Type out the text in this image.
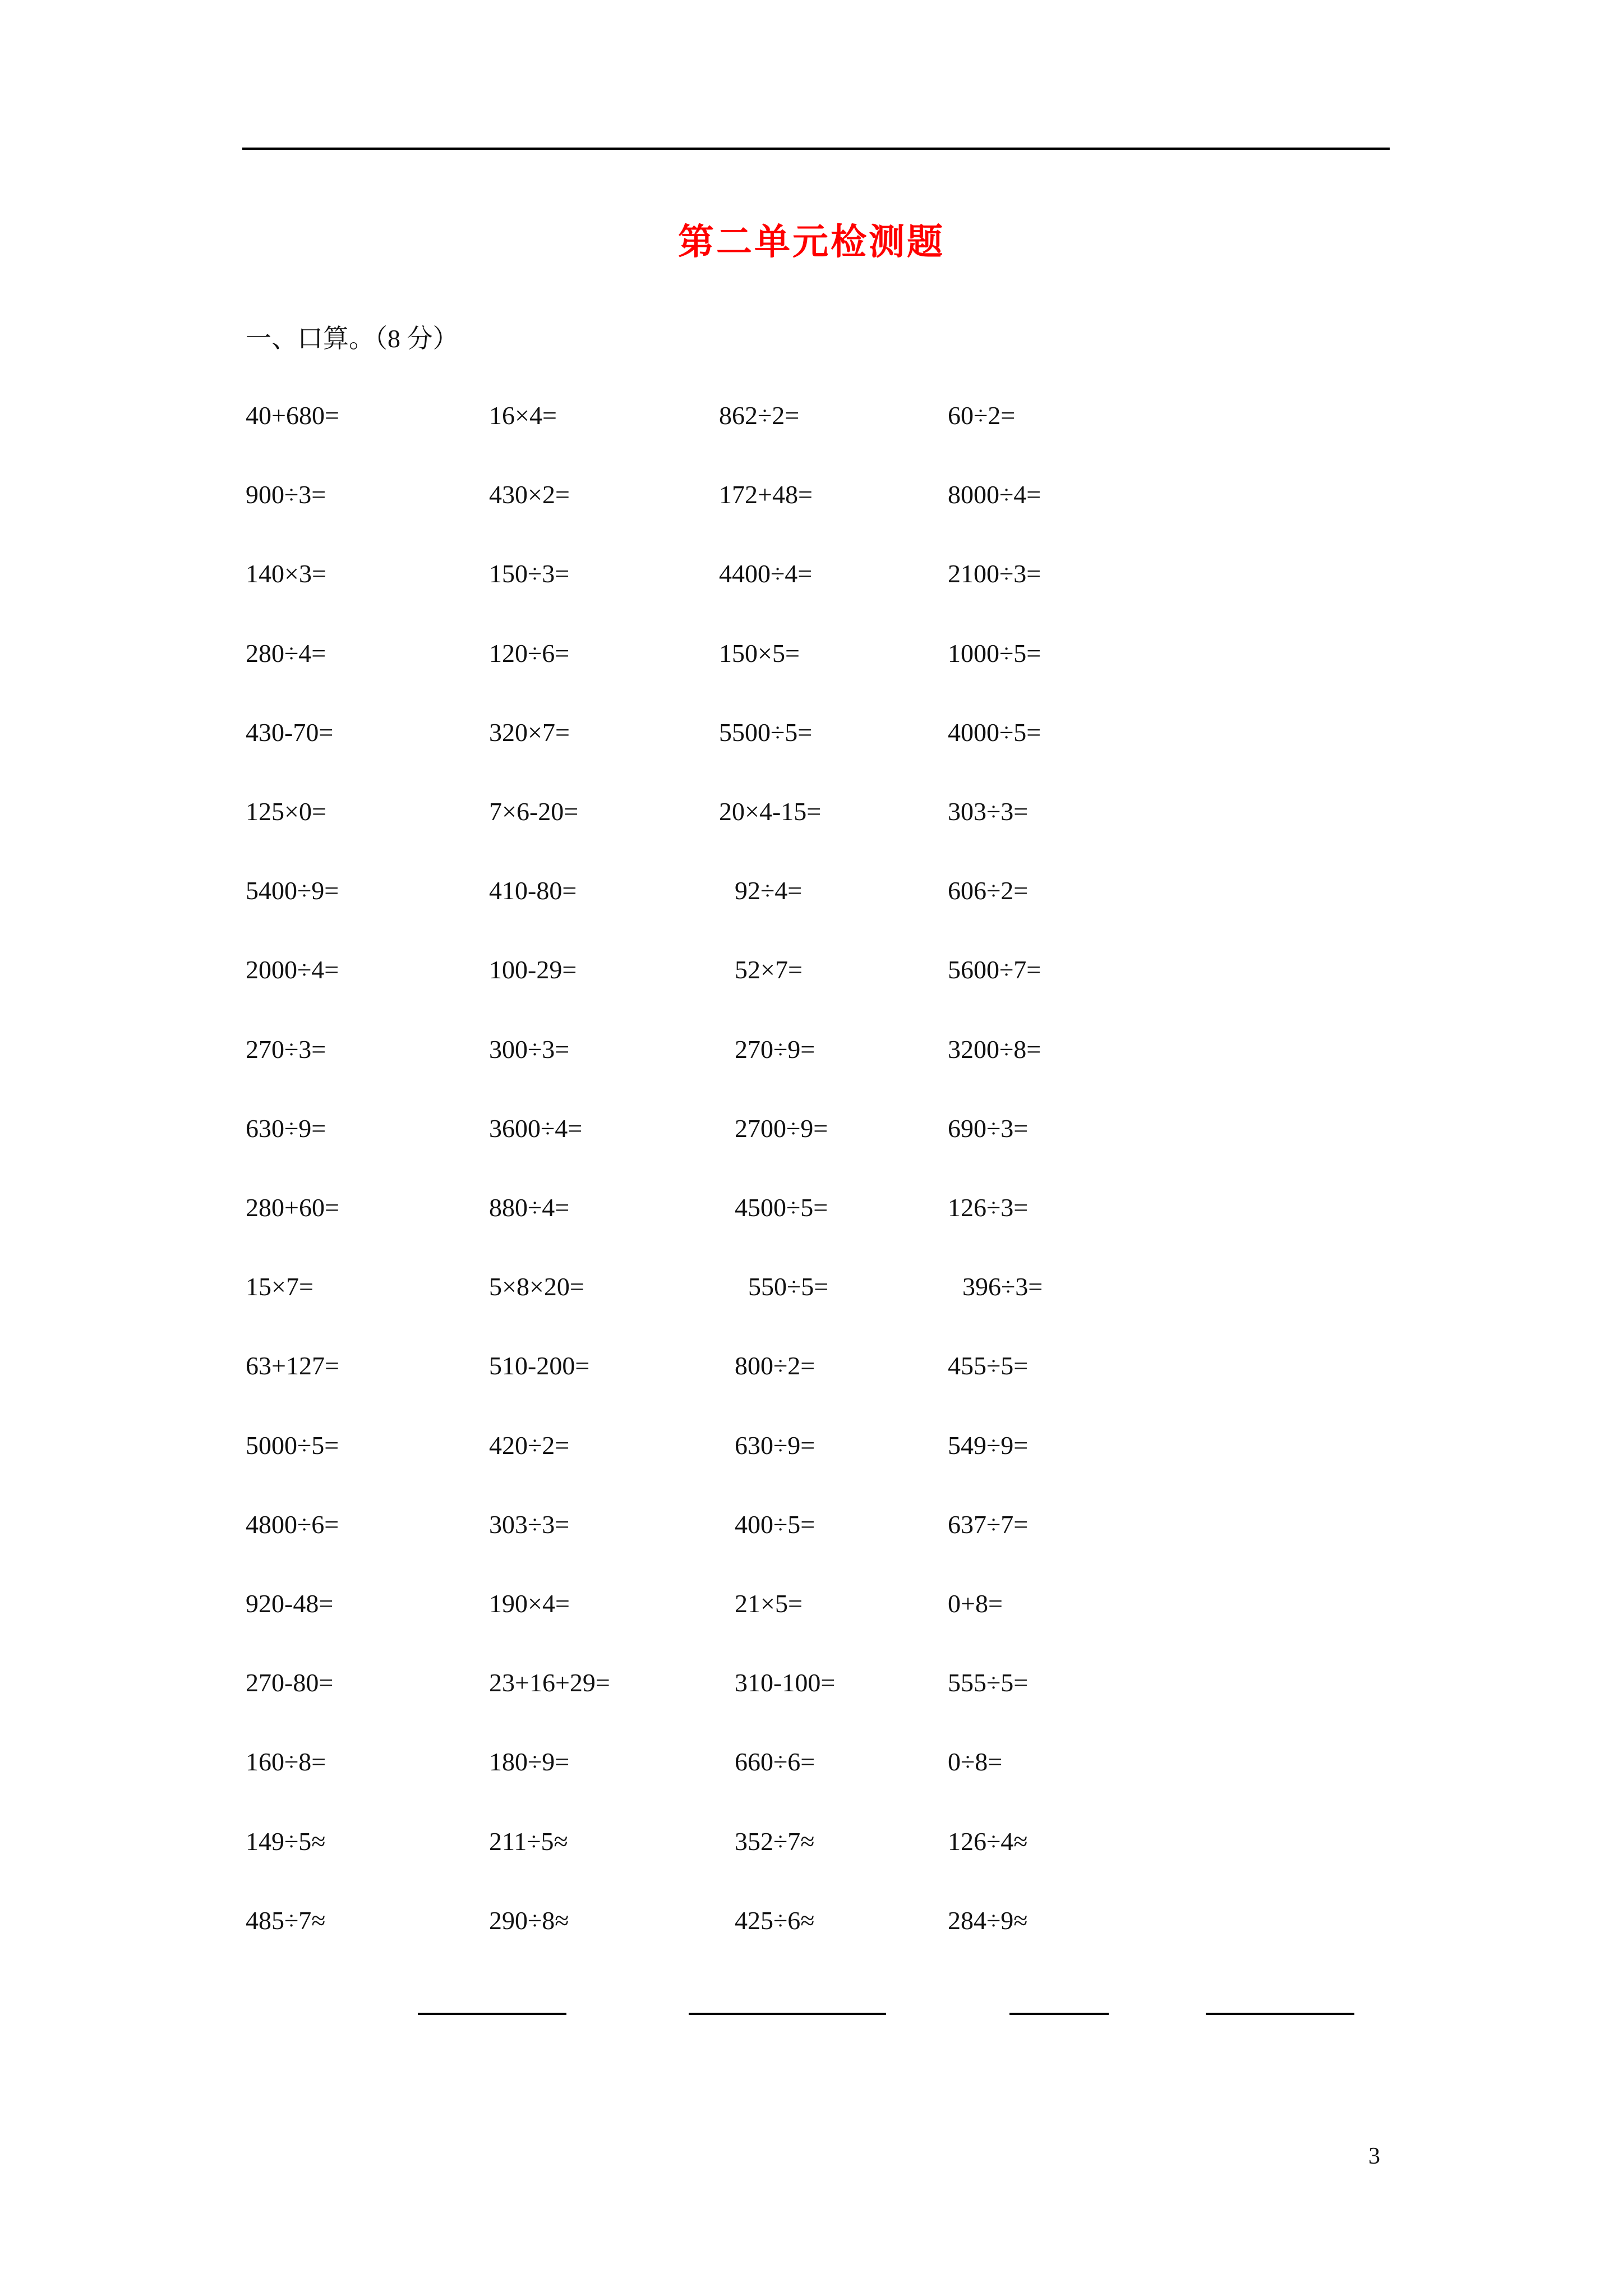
第二单元检测题
一、口算。（8 分）
40+680=	16×4=	862÷2=	60÷2=
900÷3=	430×2=	172+48=	8000÷4=
140×3=	150÷3=	4400÷4=	2100÷3=
280÷4=	120÷6=	150×5=	1000÷5=
430-70=	320×7=	5500÷5=	4000÷5=
125×0=	7×6-20=	20×4-15=	303÷3=
5400÷9=	410-80=	92÷4=	606÷2=
2000÷4=	100-29=	52×7=	5600÷7=
270÷3=	300÷3=	270÷9=	3200÷8=
630÷9=	3600÷4=	2700÷9=	690÷3=
280+60=	880÷4=	4500÷5=	126÷3=
15×7=	5×8×20=	550÷5=	396÷3=
63+127=	510-200=	800÷2=	455÷5=
5000÷5=	420÷2=	630÷9=	549÷9=
4800÷6=	303÷3=	400÷5=	637÷7=
920-48=	190×4=	21×5=	0+8=
270-80=	23+16+29=	310-100=	555÷5=
160÷8=	180÷9=	660÷6=	0÷8=
149÷5≈	211÷5≈	352÷7≈	126÷4≈
485÷7≈	290÷8≈	425÷6≈	284÷9≈
3
